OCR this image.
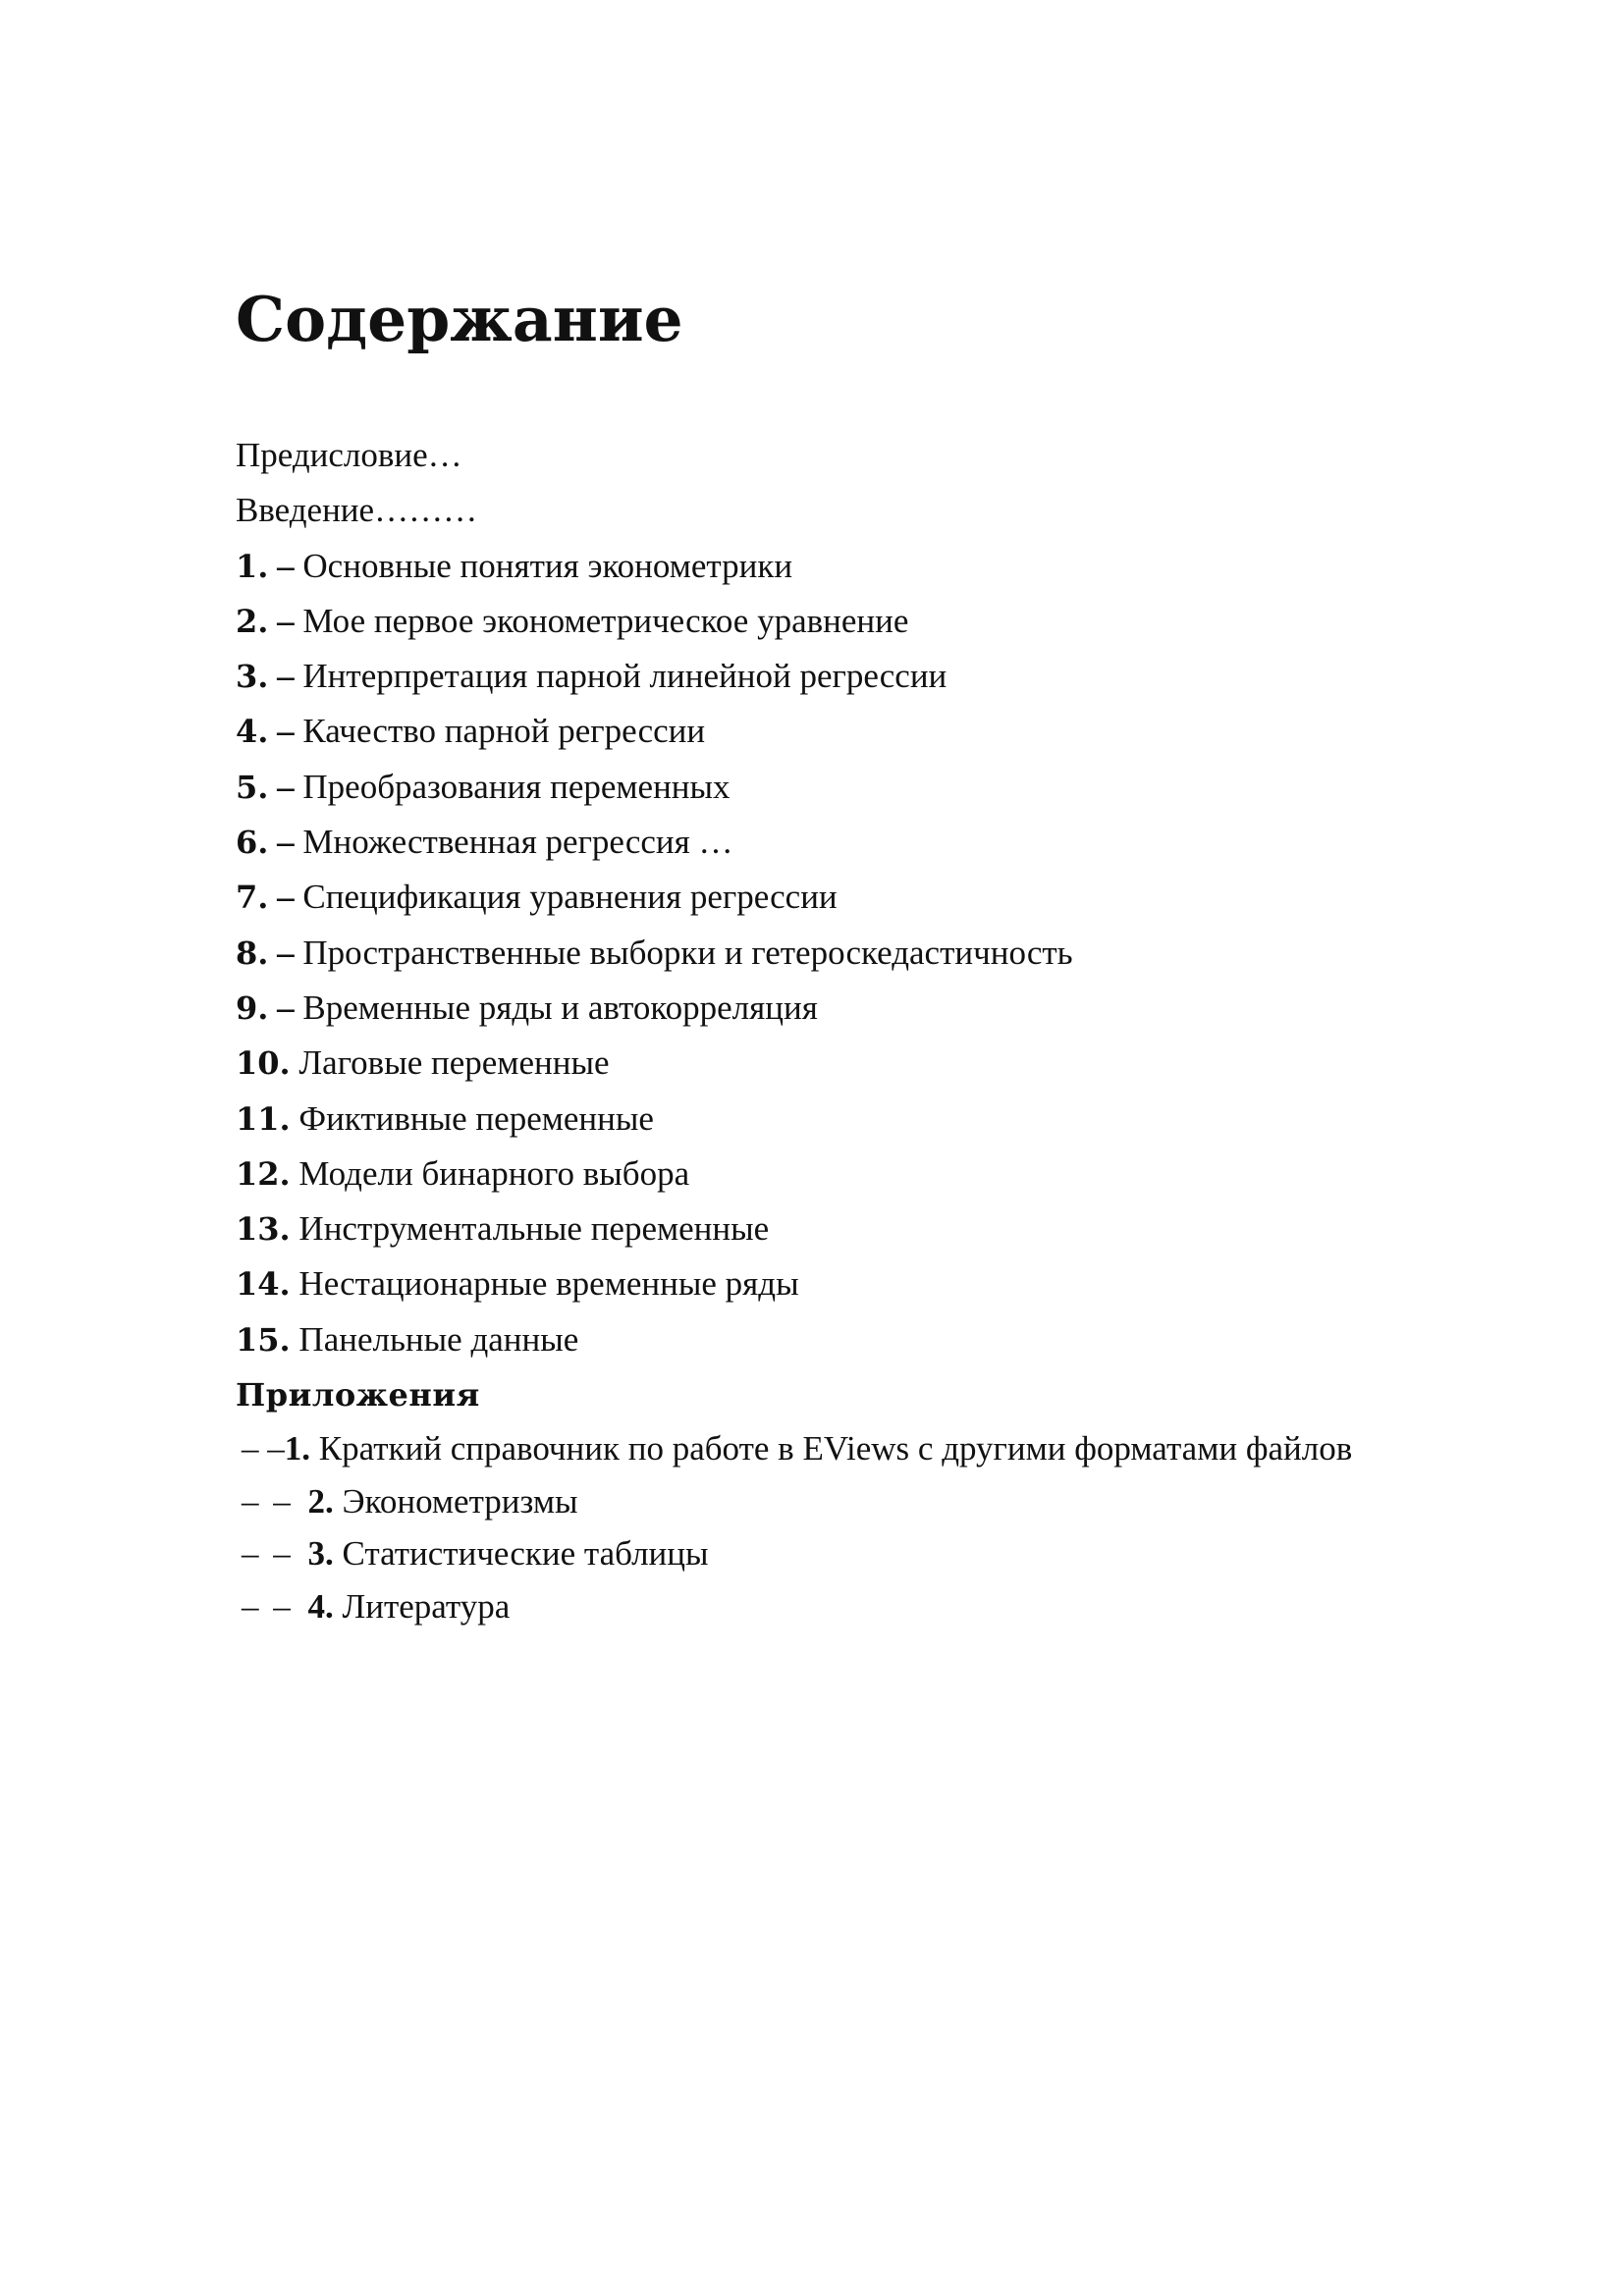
Содержание
Предисловие…
Введение………
1. – Основные понятия эконометрики
2. – Мое первое эконометрическое уравнение
3. – Интерпретация парной линейной регрессии
4. – Качество парной регрессии
5. – Преобразования переменных
6. – Множественная регрессия …
7. – Спецификация уравнения регрессии
8. – Пространственные выборки и гетероскедастичность
9. – Временные ряды и автокорреляция
10. Лаговые переменные
11. Фиктивные переменные
12. Модели бинарного выбора
13. Инструментальные переменные
14. Нестационарные временные ряды
15. Панельные данные
Приложения
– –1. Краткий справочник по работе в EViews с другими форматами файлов
– – 2. Эконометризмы
– – 3. Статистические таблицы
– – 4. Литература
